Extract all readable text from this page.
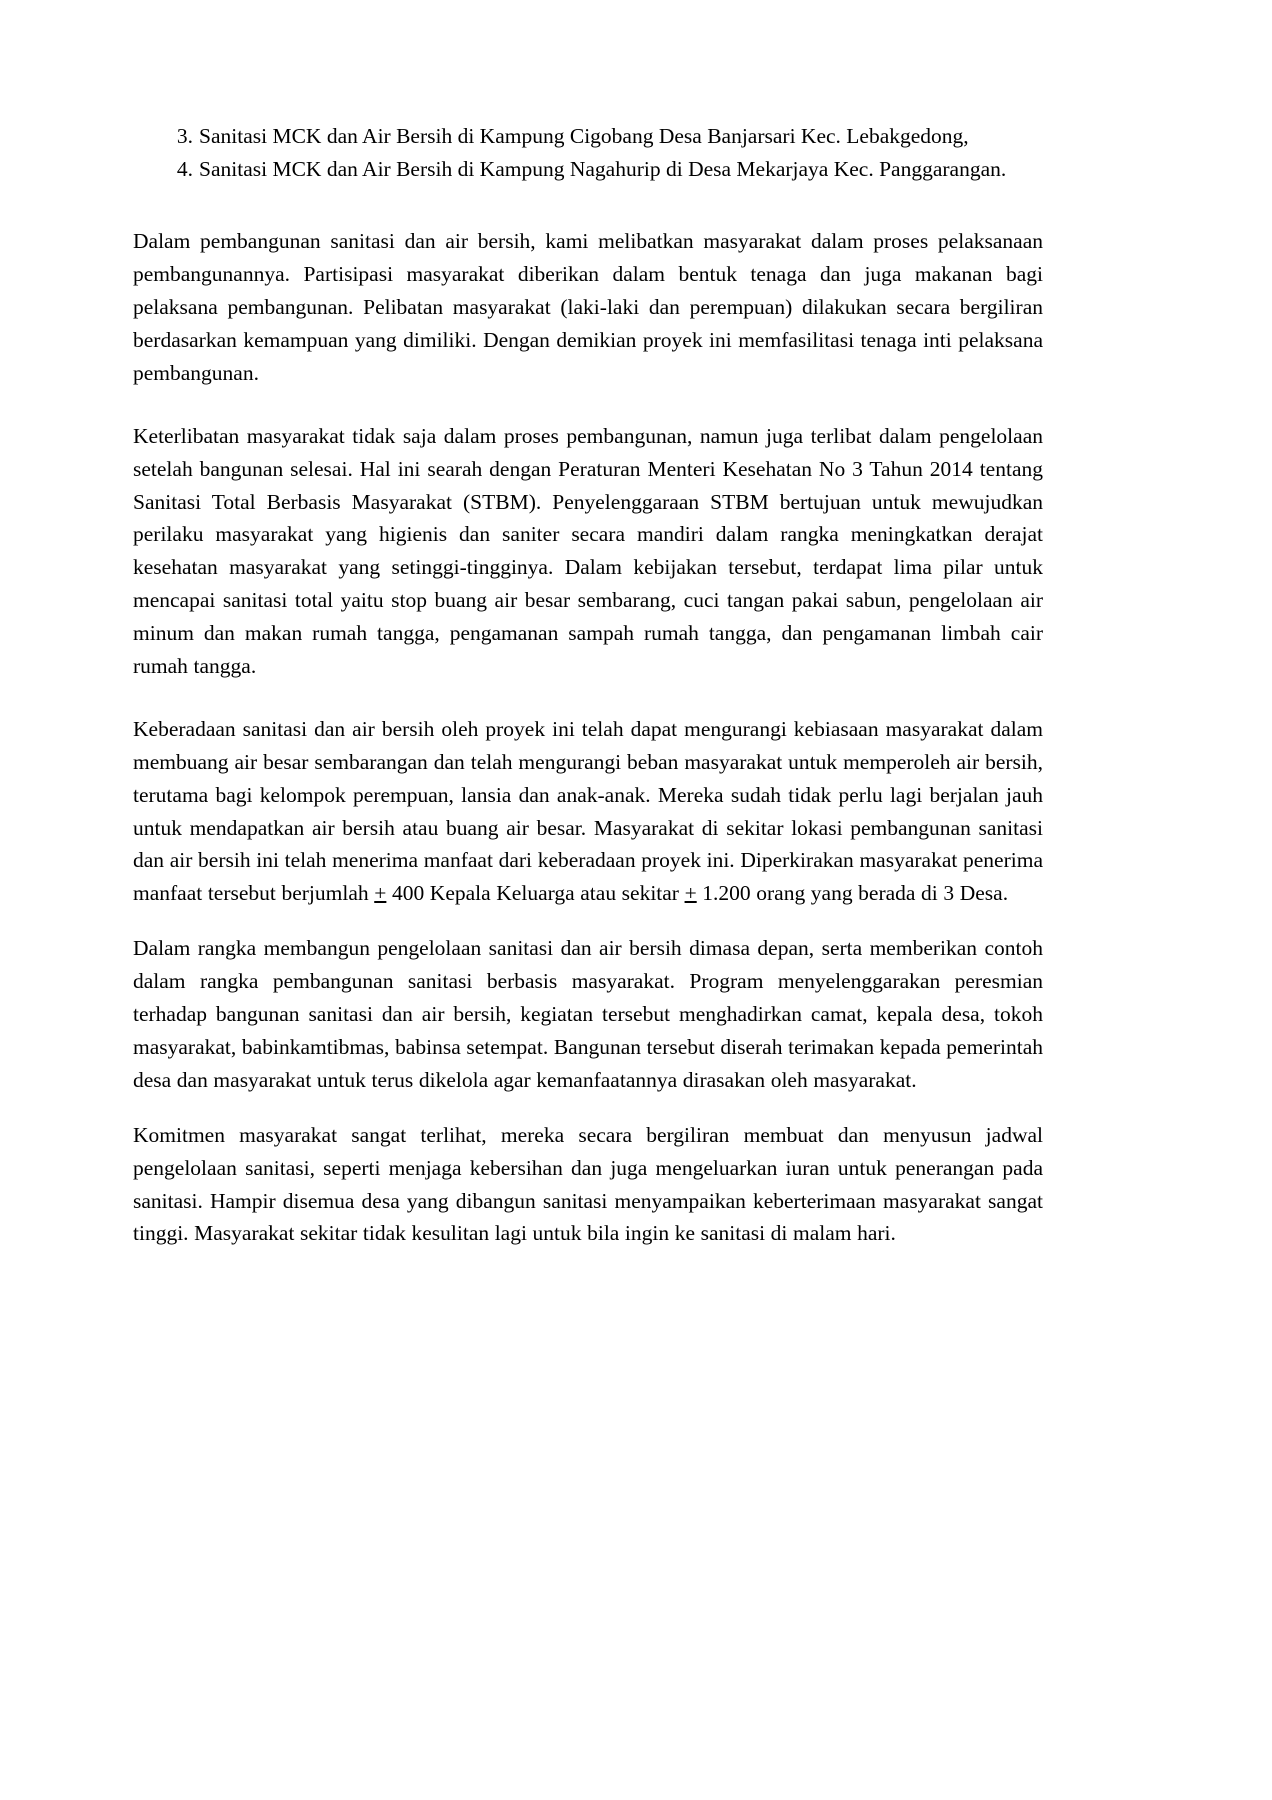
3. Sanitasi MCK dan Air Bersih di Kampung Cigobang Desa Banjarsari Kec. Lebakgedong,
4. Sanitasi MCK dan Air Bersih di Kampung Nagahurip di Desa Mekarjaya Kec. Panggarangan.

Dalam pembangunan sanitasi dan air bersih, kami melibatkan masyarakat dalam proses pelaksanaan pembangunannya. Partisipasi masyarakat diberikan dalam bentuk tenaga dan juga makanan bagi pelaksana pembangunan. Pelibatan masyarakat (laki-laki dan perempuan) dilakukan secara bergiliran berdasarkan kemampuan yang dimiliki. Dengan demikian proyek ini memfasilitasi tenaga inti pelaksana pembangunan.

Keterlibatan masyarakat tidak saja dalam proses pembangunan, namun juga terlibat dalam pengelolaan setelah bangunan selesai. Hal ini searah dengan Peraturan Menteri Kesehatan No 3 Tahun 2014 tentang Sanitasi Total Berbasis Masyarakat (STBM). Penyelenggaraan STBM bertujuan untuk mewujudkan perilaku masyarakat yang higienis dan saniter secara mandiri dalam rangka meningkatkan derajat kesehatan masyarakat yang setinggi-tingginya. Dalam kebijakan tersebut, terdapat lima pilar untuk mencapai sanitasi total yaitu stop buang air besar sembarang, cuci tangan pakai sabun, pengelolaan air minum dan makan rumah tangga, pengamanan sampah rumah tangga, dan pengamanan limbah cair rumah tangga.

Keberadaan sanitasi dan air bersih oleh proyek ini telah dapat mengurangi kebiasaan masyarakat dalam membuang air besar sembarangan dan telah mengurangi beban masyarakat untuk memperoleh air bersih, terutama bagi kelompok perempuan, lansia dan anak-anak. Mereka sudah tidak perlu lagi berjalan jauh untuk mendapatkan air bersih atau buang air besar. Masyarakat di sekitar lokasi pembangunan sanitasi dan air bersih ini telah menerima manfaat dari keberadaan proyek ini. Diperkirakan masyarakat penerima manfaat tersebut berjumlah + 400 Kepala Keluarga atau sekitar + 1.200 orang yang berada di 3 Desa.

Dalam rangka membangun pengelolaan sanitasi dan air bersih dimasa depan, serta memberikan contoh dalam rangka pembangunan sanitasi berbasis masyarakat. Program menyelenggarakan peresmian terhadap bangunan sanitasi dan air bersih, kegiatan tersebut menghadirkan camat, kepala desa, tokoh masyarakat, babinkamtibmas, babinsa setempat. Bangunan tersebut diserah terimakan kepada pemerintah desa dan masyarakat untuk terus dikelola agar kemanfaatannya dirasakan oleh masyarakat.

Komitmen masyarakat sangat terlihat, mereka secara bergiliran membuat dan menyusun jadwal pengelolaan sanitasi, seperti menjaga kebersihan dan juga mengeluarkan iuran untuk penerangan pada sanitasi. Hampir disemua desa yang dibangun sanitasi menyampaikan keberterimaan masyarakat sangat tinggi. Masyarakat sekitar tidak kesulitan lagi untuk bila ingin ke sanitasi di malam hari.
